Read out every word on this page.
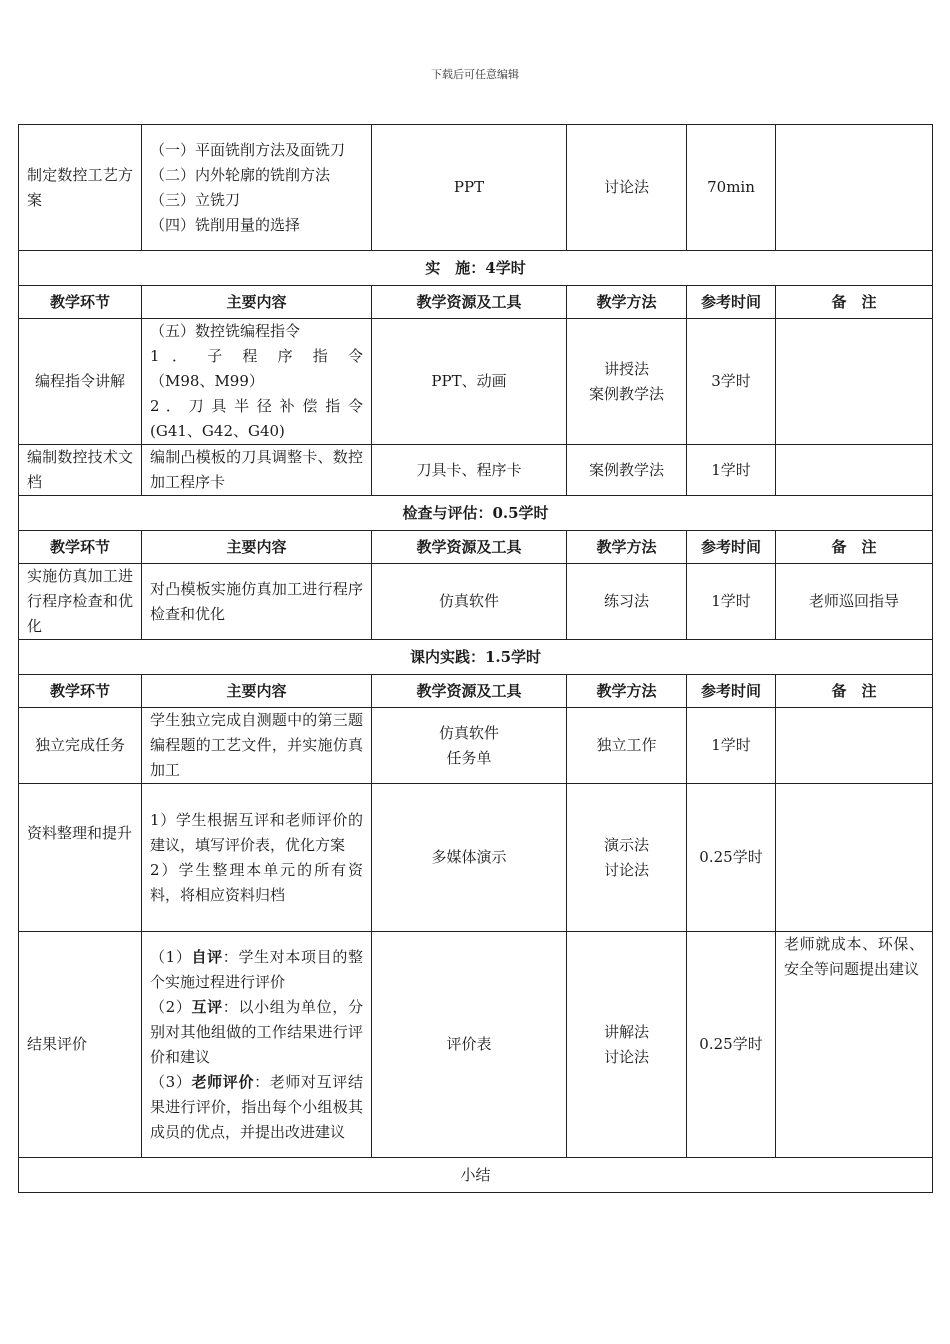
下载后可任意编辑
制定数控工艺方案	（一）平面铣削方法及面铣刀
（二）内外轮廓的铣削方法
（三）立铣刀
（四）铣削用量的选择	PPT	讨论法	70min	
实　施：4学时					
教学环节	主要内容	教学资源及工具	教学方法	参考时间	备　注
编程指令讲解	（五）数控铣编程指令
1 ． 子 程 序 指 令
（M98、M99）
2 ． 刀 具 半 径 补 偿 指 令
(G41、G42、G40)	PPT、动画	讲授法
案例教学法	3学时	
编制数控技术文档	编制凸模板的刀具调整卡、数控加工程序卡	刀具卡、程序卡	案例教学法	1学时	
检查与评估：0.5学时					
教学环节	主要内容	教学资源及工具	教学方法	参考时间	备　注
实施仿真加工进行程序检查和优化	对凸模板实施仿真加工进行程序检查和优化	仿真软件	练习法	1学时	老师巡回指导
课内实践：1.5学时					
教学环节	主要内容	教学资源及工具	教学方法	参考时间	备　注
独立完成任务	学生独立完成自测题中的第三题编程题的工艺文件，并实施仿真加工	仿真软件
任务单	独立工作	1学时	
资料整理和提升	1）学生根据互评和老师评价的建议，填写评价表，优化方案
2）学生整理本单元的所有资料，将相应资料归档	多媒体演示	演示法
讨论法	0.25学时	
结果评价	（1）自评：学生对本项目的整个实施过程进行评价
（2）互评：以小组为单位，分别对其他组做的工作结果进行评价和建议
（3）老师评价：老师对互评结果进行评价，指出每个小组极其成员的优点，并提出改进建议	评价表	讲解法
讨论法	0.25学时	老师就成本、环保、安全等问题提出建议
小结					
